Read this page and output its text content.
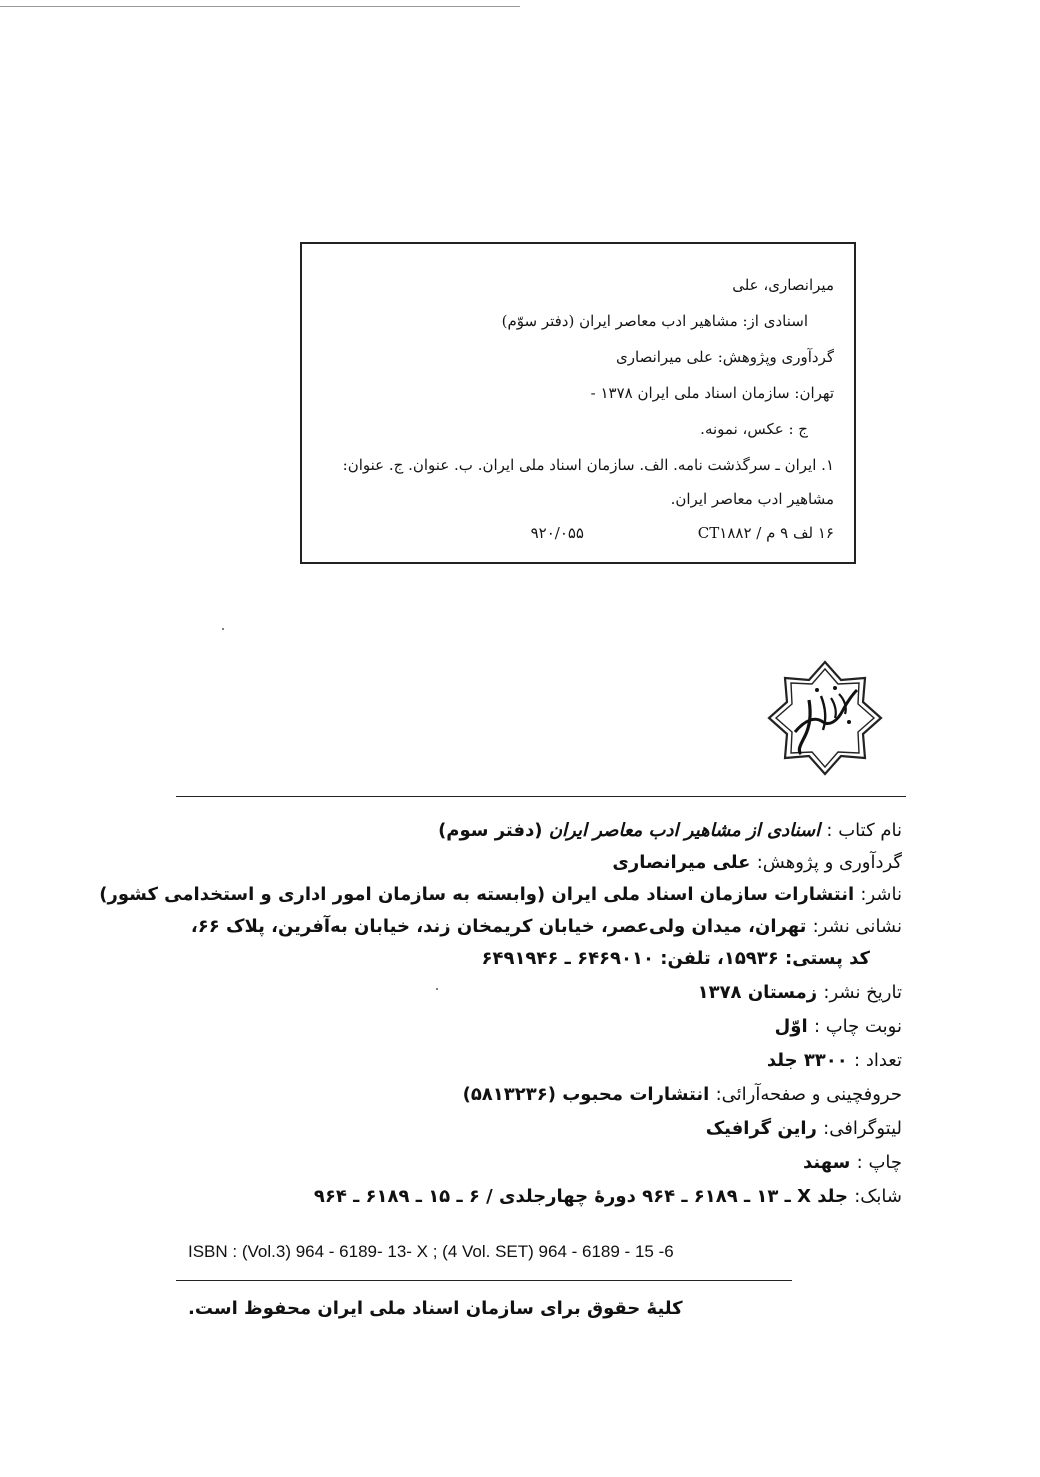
میرانصاری، علی
اسنادی از: مشاهیر ادب معاصر ایران (دفتر سوّم)
گردآوری وپژوهش: علی میرانصاری
تهران: سازمان اسناد ملی ایران ۱۳۷۸ -
ج : عکس، نمونه.
۱. ایران ـ سرگذشت نامه. الف. سازمان اسناد ملی ایران. ب. عنوان. ج. عنوان:
مشاهیر ادب معاصر ایران.
۱۶ لف ۹ م / CT۱۸۸۲
۹۲۰/۰۵۵
نام کتاب : اسنادی از مشاهیر ادب معاصر ایران (دفتر سوم)
گردآوری و پژوهش: علی میرانصاری
ناشر: انتشارات سازمان اسناد ملی ایران (وابسته به سازمان امور اداری و استخدامی کشور)
نشانی نشر: تهران، میدان ولی‌عصر، خیابان کریمخان زند، خیابان به‌آفرین، پلاک ۶۶،
کد پستی: ۱۵۹۳۶، تلفن: ۶۴۶۹۰۱۰ ـ ۶۴۹۱۹۴۶
تاریخ نشر: زمستان ۱۳۷۸
نوبت چاپ : اوّل
تعداد : ۳۳۰۰ جلد
حروفچینی و صفحه‌آرائی: انتشارات محبوب (۵۸۱۳۲۳۶)
لیتوگرافی: راین گرافیک
چاپ : سهند
شابک: جلد X ـ ۱۳ ـ ۶۱۸۹ ـ ۹۶۴ دورهٔ چهارجلدی / ۶ ـ ۱۵ ـ ۶۱۸۹ ـ ۹۶۴
ISBN : (Vol.3) 964 - 6189- 13- X ; (4 Vol. SET) 964 - 6189 - 15 -6
کلیهٔ حقوق برای سازمان اسناد ملی ایران محفوظ است.
